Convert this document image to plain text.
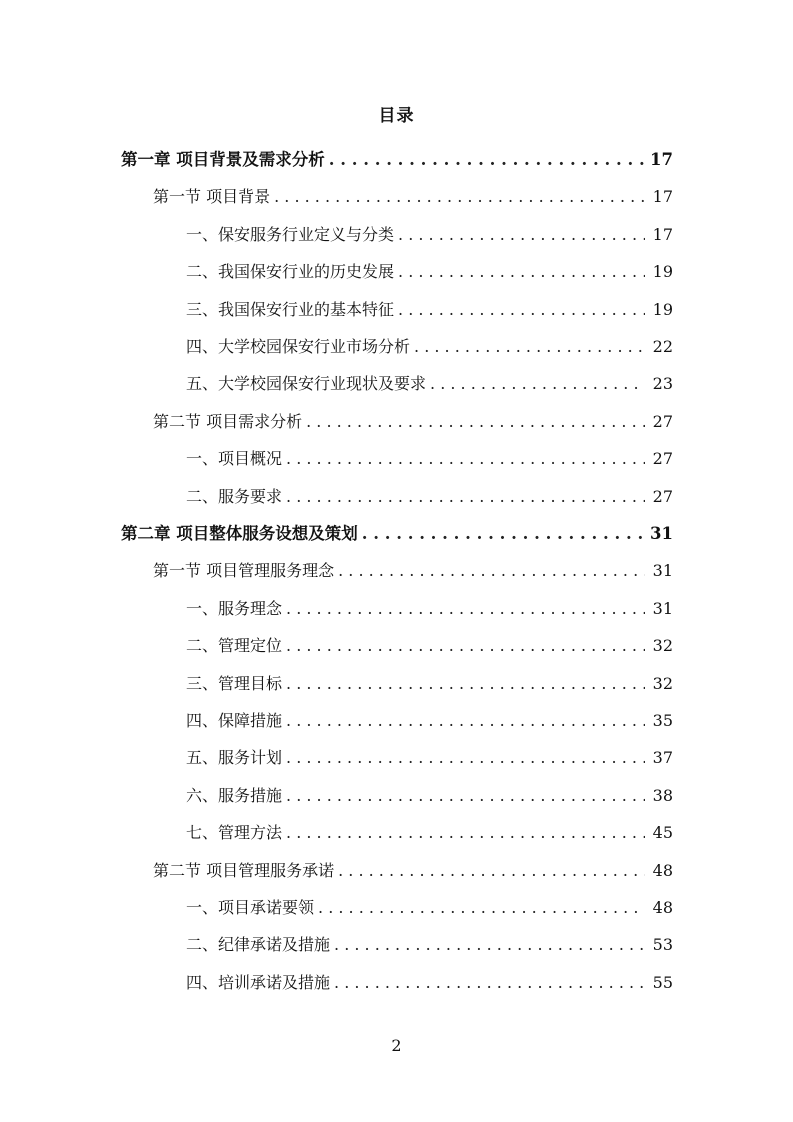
目录
第一章 项目背景及需求分析 . . .	17
第一节 项目背景 . . .	17
一、保安服务行业定义与分类 . . .	17
二、我国保安行业的历史发展 . . .	19
三、我国保安行业的基本特征 . . .	19
四、大学校园保安行业市场分析 . . .	22
五、大学校园保安行业现状及要求 . . .	23
第二节 项目需求分析 . . .	27
一、项目概况 . . .	27
二、服务要求 . . .	27
第二章 项目整体服务设想及策划 . . .	31
第一节 项目管理服务理念 . . .	31
一、服务理念 . . .	31
二、管理定位 . . .	32
三、管理目标 . . .	32
四、保障措施 . . .	35
五、服务计划 . . .	37
六、服务措施 . . .	38
七、管理方法 . . .	45
第二节 项目管理服务承诺 . . .	48
一、项目承诺要领 . . .	48
二、纪律承诺及措施 . . .	53
四、培训承诺及措施 . . .	55
2
